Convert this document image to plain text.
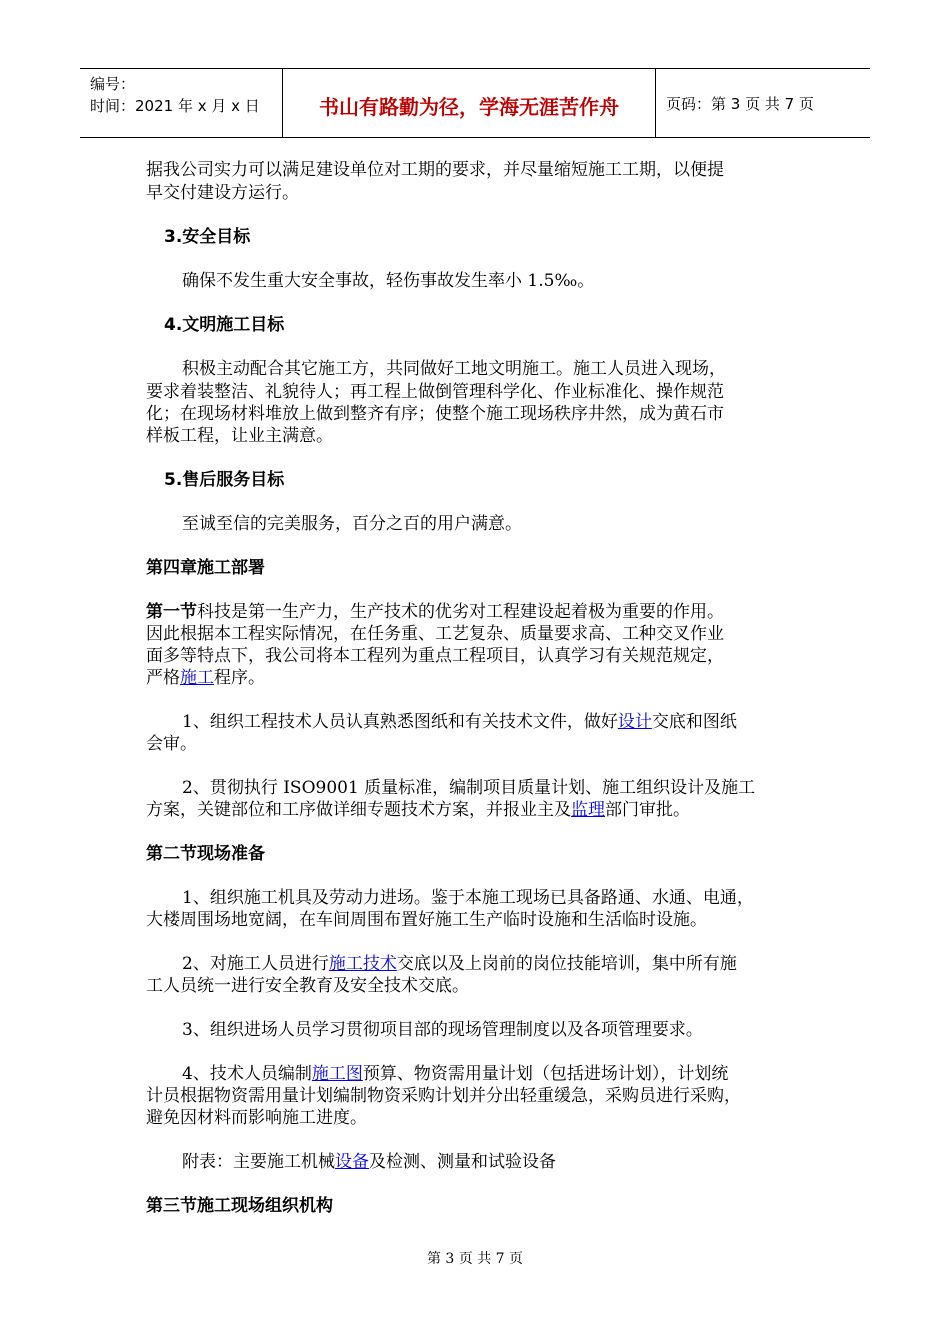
编号：
时间：2021 年 x 月 x 日	书山有路勤为径，学海无涯苦作舟	页码：第 3 页 共 7 页
据我公司实力可以满足建设单位对工期的要求，并尽量缩短施工工期，以便提
早交付建设方运行。
3.安全目标
确保不发生重大安全事故，轻伤事故发生率小 1.5‰。
4.文明施工目标
积极主动配合其它施工方，共同做好工地文明施工。施工人员进入现场，
要求着装整洁、礼貌待人；再工程上做倒管理科学化、作业标准化、操作规范
化；在现场材料堆放上做到整齐有序；使整个施工现场秩序井然，成为黄石市
样板工程，让业主满意。
5.售后服务目标
至诚至信的完美服务，百分之百的用户满意。
第四章施工部署
第一节科技是第一生产力，生产技术的优劣对工程建设起着极为重要的作用。
因此根据本工程实际情况，在任务重、工艺复杂、质量要求高、工种交叉作业
面多等特点下，我公司将本工程列为重点工程项目，认真学习有关规范规定，
严格施工程序。
1、组织工程技术人员认真熟悉图纸和有关技术文件，做好设计交底和图纸
会审。
2、贯彻执行 ISO9001 质量标准，编制项目质量计划、施工组织设计及施工
方案，关键部位和工序做详细专题技术方案，并报业主及监理部门审批。
第二节现场准备
1、组织施工机具及劳动力进场。鉴于本施工现场已具备路通、水通、电通，
大楼周围场地宽阔，在车间周围布置好施工生产临时设施和生活临时设施。
2、对施工人员进行施工技术交底以及上岗前的岗位技能培训，集中所有施
工人员统一进行安全教育及安全技术交底。
3、组织进场人员学习贯彻项目部的现场管理制度以及各项管理要求。
4、技术人员编制施工图预算、物资需用量计划（包括进场计划），计划统
计员根据物资需用量计划编制物资采购计划并分出轻重缓急，采购员进行采购，
避免因材料而影响施工进度。
附表：主要施工机械设备及检测、测量和试验设备
第三节施工现场组织机构
第 3 页 共 7 页
